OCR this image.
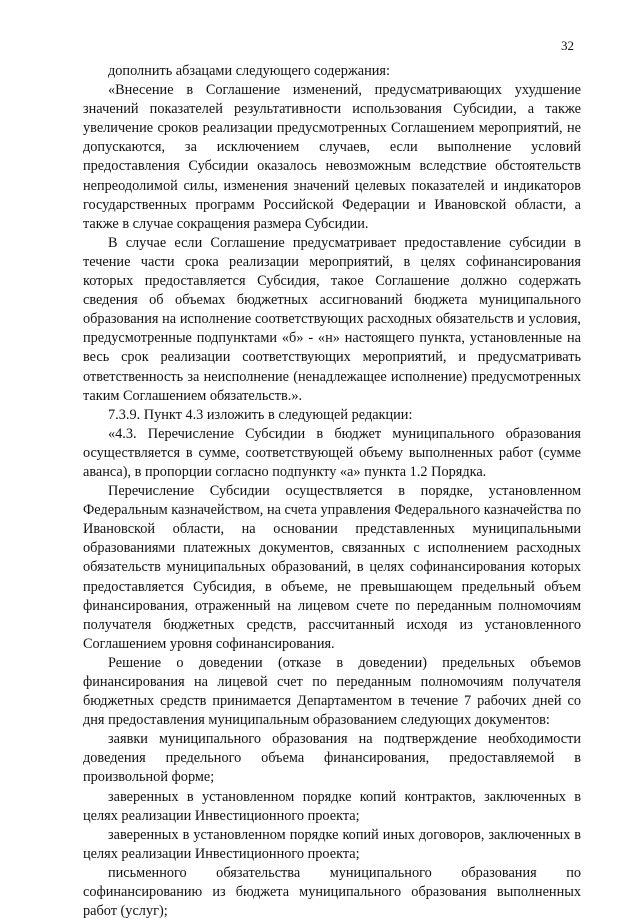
32

дополнить абзацами следующего содержания:

«Внесение в Соглашение изменений, предусматривающих ухудшение значений показателей результативности использования Субсидии, а также увеличение сроков реализации предусмотренных Соглашением мероприятий, не допускаются, за исключением случаев, если выполнение условий предоставления Субсидии оказалось невозможным вследствие обстоятельств непреодолимой силы, изменения значений целевых показателей и индикаторов государственных программ Российской Федерации и Ивановской области, а также в случае сокращения размера Субсидии.

В случае если Соглашение предусматривает предоставление субсидии в течение части срока реализации мероприятий, в целях софинансирования которых предоставляется Субсидия, такое Соглашение должно содержать сведения об объемах бюджетных ассигнований бюджета муниципального образования на исполнение соответствующих расходных обязательств и условия, предусмотренные подпунктами «б» - «н» настоящего пункта, установленные на весь срок реализации соответствующих мероприятий, и предусматривать ответственность за неисполнение (ненадлежащее исполнение) предусмотренных таким Соглашением обязательств.».

7.3.9. Пункт 4.3 изложить в следующей редакции:

«4.3. Перечисление Субсидии в бюджет муниципального образования осуществляется в сумме, соответствующей объему выполненных работ (сумме аванса), в пропорции согласно подпункту «а» пункта 1.2 Порядка.

Перечисление Субсидии осуществляется в порядке, установленном Федеральным казначейством, на счета управления Федерального казначейства по Ивановской области, на основании представленных муниципальными образованиями платежных документов, связанных с исполнением расходных обязательств муниципальных образований, в целях софинансирования которых предоставляется Субсидия, в объеме, не превышающем предельный объем финансирования, отраженный на лицевом счете по переданным полномочиям получателя бюджетных средств, рассчитанный исходя из установленного Соглашением уровня софинансирования.

Решение о доведении (отказе в доведении) предельных объемов финансирования на лицевой счет по переданным полномочиям получателя бюджетных средств принимается Департаментом в течение 7 рабочих дней со дня предоставления муниципальным образованием следующих документов:

заявки муниципального образования на подтверждение необходимости доведения предельного объема финансирования, предоставляемой в произвольной форме;

заверенных в установленном порядке копий контрактов, заключенных в целях реализации Инвестиционного проекта;

заверенных в установленном порядке копий иных договоров, заключенных в целях реализации Инвестиционного проекта;

письменного обязательства муниципального образования по софинансированию из бюджета муниципального образования выполненных работ (услуг);
